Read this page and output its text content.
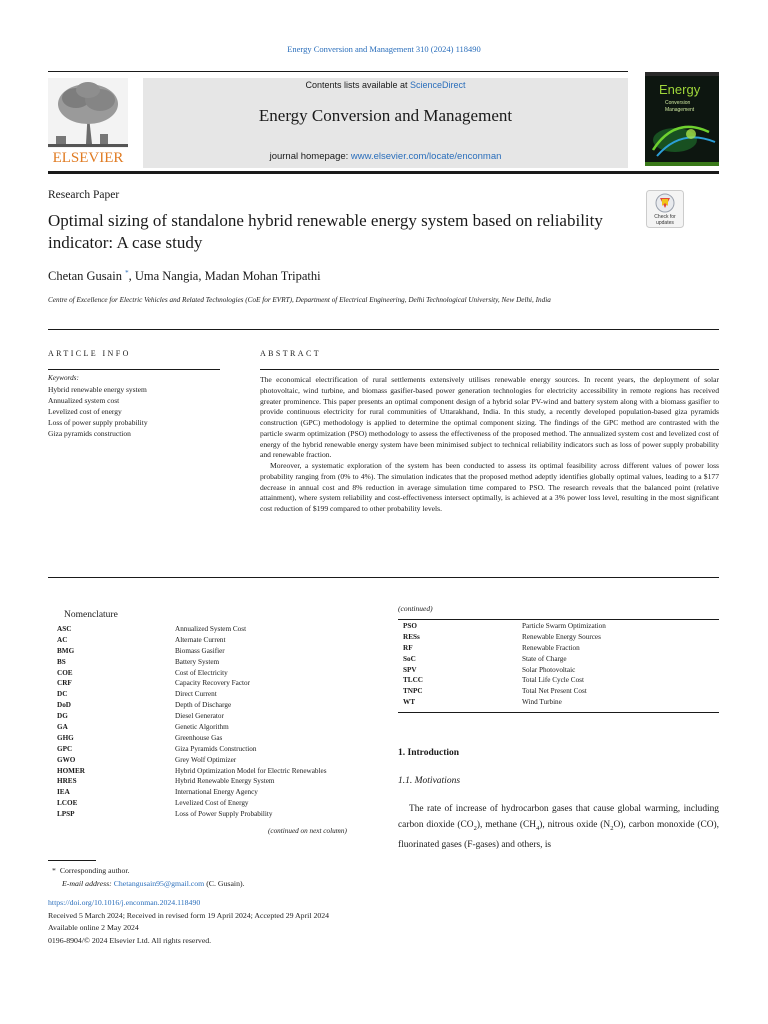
Energy Conversion and Management 310 (2024) 118490
ELSEVIER
Contents lists available at ScienceDirect
Energy Conversion and Management
journal homepage: www.elsevier.com/locate/enconman
Energy
Conversion
Management
Research Paper
Optimal sizing of standalone hybrid renewable energy system based on reliability indicator: A case study
Check for
updates
Chetan Gusain *, Uma Nangia, Madan Mohan Tripathi
Centre of Excellence for Electric Vehicles and Related Technologies (CoE for EVRT), Department of Electrical Engineering, Delhi Technological University, New Delhi, India
ARTICLE INFO	ABSTRACT
Keywords:
Hybrid renewable energy system
Annualized system cost
Levelized cost of energy
Loss of power supply probability
Giza pyramids construction

The economical electrification of rural settlements extensively utilises renewable energy sources. In recent years, the deployment of solar photovoltaic, wind turbine, and biomass gasifier-based power generation technologies for electricity accessibility in remote regions has received greater prominence. This paper presents an optimal component design of a hybrid solar PV-wind and battery system along with a biomass gasifier to provide continuous electricity for rural communities of Uttarakhand, India. In this study, a recently developed population-based giza pyramids construction (GPC) methodology is applied to determine the optimal component sizing. The findings of the GPC method are contrasted with the particle swarm optimization (PSO) methodology to assess the effectiveness of the proposed method. The annualized system cost and levelized cost of energy of the hybrid renewable energy system have been minimised subject to technical reliability indicators such as loss of power supply probability and renewable fraction.

Moreover, a systematic exploration of the system has been conducted to assess its optimal feasibility across different values of power loss probability ranging from (0% to 4%). The simulation indicates that the proposed method adeptly identifies globally optimal values, leading to a $177 decrease in annual cost and 8% reduction in average simulation time compared to PSO. The research reveals that the balanced point (relative attainment), where system reliability and cost-effectiveness intersect optimally, is achieved at a 3% power loss level, resulting in the most significant cost reduction of $199 compared to other probability levels.

Nomenclature
ASC	Annualized System Cost
AC	Alternate Current
BMG	Biomass Gasifier
BS	Battery System
COE	Cost of Electricity
CRF	Capacity Recovery Factor
DC	Direct Current
DoD	Depth of Discharge
DG	Diesel Generator
GA	Genetic Algorithm
GHG	Greenhouse Gas
GPC	Giza Pyramids Construction
GWO	Grey Wolf Optimizer
HOMER	Hybrid Optimization Model for Electric Renewables
HRES	Hybrid Renewable Energy System
IEA	International Energy Agency
LCOE	Levelized Cost of Energy
LPSP	Loss of Power Supply Probability
(continued on next column)
(continued)
PSO	Particle Swarm Optimization
RESs	Renewable Energy Sources
RF	Renewable Fraction
SoC	State of Charge
SPV	Solar Photovoltaic
TLCC	Total Life Cycle Cost
TNPC	Total Net Present Cost
WT	Wind Turbine
1. Introduction
1.1. Motivations
The rate of increase of hydrocarbon gases that cause global warming, including carbon dioxide $(CO_2)$, methane $(CH_4)$, nitrous oxide $(N_2O)$, carbon monoxide (CO), fluorinated gases (F-gases) and others, is
* Corresponding author.
E-mail address: Chetangusain95@gmail.com (C. Gusain).
https://doi.org/10.1016/j.enconman.2024.118490
Received 5 March 2024; Received in revised form 19 April 2024; Accepted 29 April 2024
Available online 2 May 2024
0196-8904/© 2024 Elsevier Ltd. All rights reserved.
